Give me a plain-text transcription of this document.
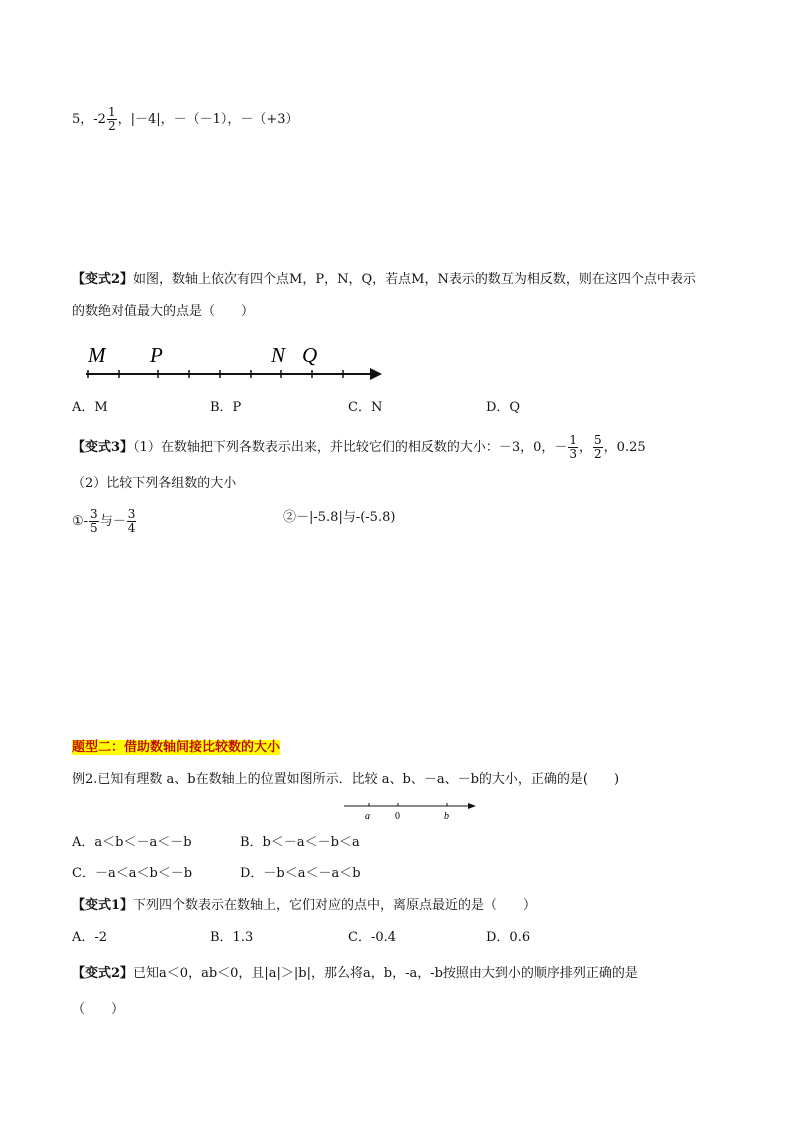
5，$-2 \frac{1}{2}$ ，|－4|，－（－1），－（+3）
【变式2】如图，数轴上依次有四个点M，P，N，Q，若点M，N表示的数互为相反数，则在这四个点中表示
的数绝对值最大的点是（　　）
M P	N Q
A．M	B．P	C．N	D．Q
【变式3】（1）在数轴把下列各数表示出来，并比较它们的相反数的大小：－3，0，－ $\frac{1}{3}$ ， $\frac{5}{2}$ ，0.25
（2）比较下列各组数的大小
①- $\frac{3}{5}$ 与－ $\frac{3}{4}$	②－|-5.8|与-(-5.8)
题型二：借助数轴间接比较数的大小
例2.已知有理数 a、b在数轴上的位置如图所示．比较 a、b、－a、－b的大小，正确的是(　　)
a	0	b
A．a＜b＜－a＜－b	B．b＜－a＜－b＜a
C．－a＜a＜b＜－b	D．－b＜a＜－a＜b
【变式1】下列四个数表示在数轴上，它们对应的点中，离原点最近的是（　　）
A．-2	B．1.3	C．-0.4	D．0.6
【变式2】已知a＜0，ab＜0，且|a|＞|b|，那么将a，b，-a，-b按照由大到小的顺序排列正确的是
（　　）
